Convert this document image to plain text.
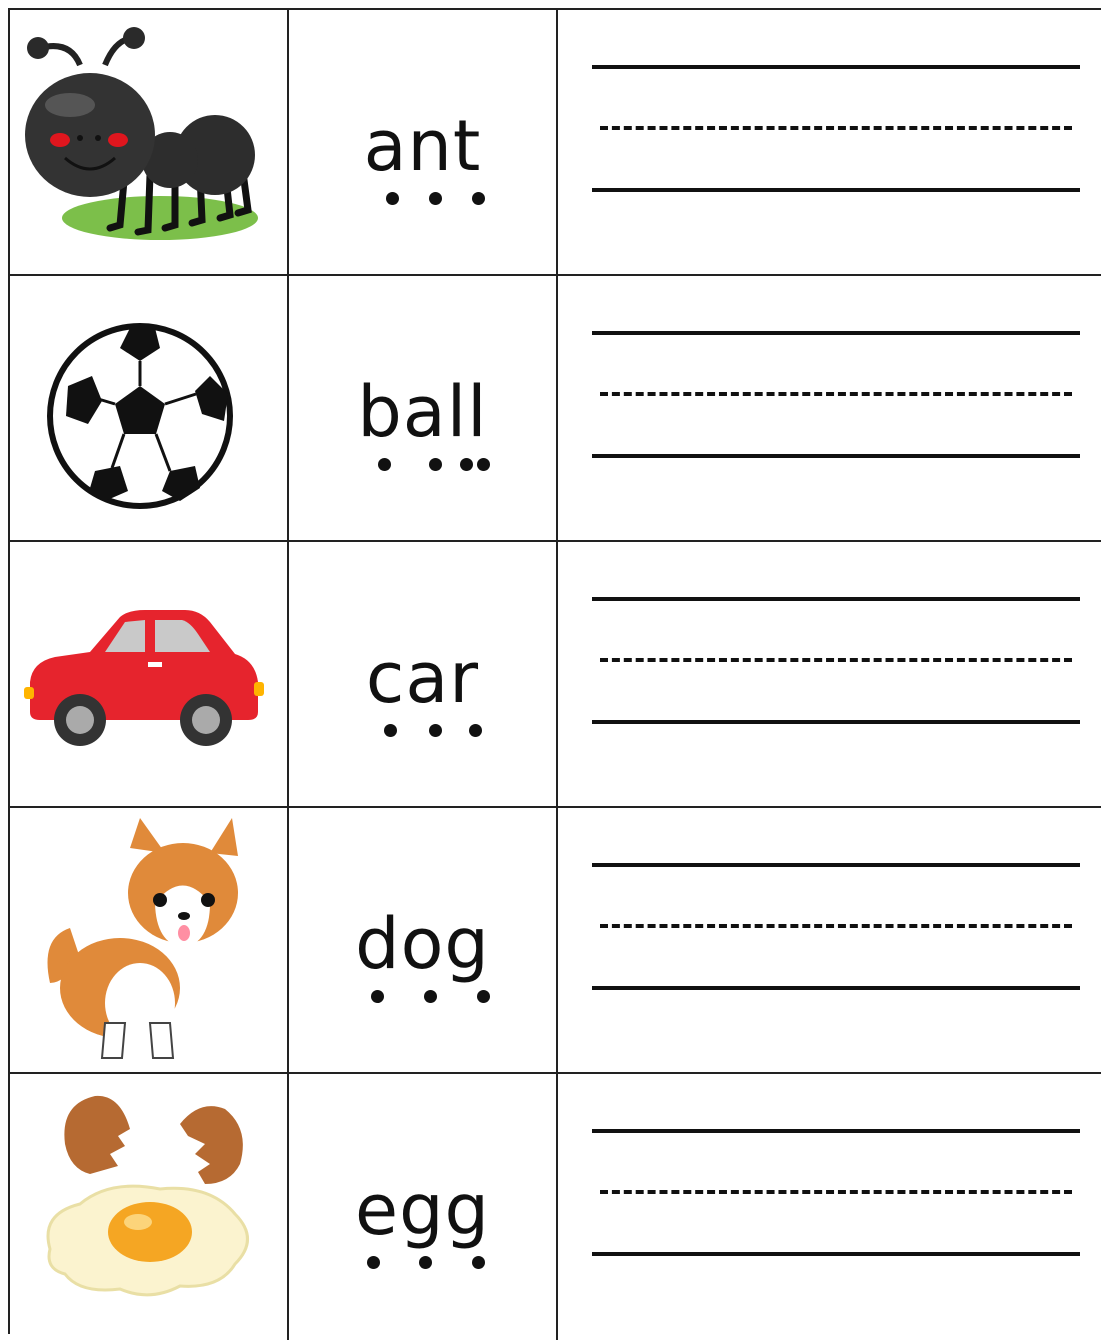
ant
ball
car
dog
egg
